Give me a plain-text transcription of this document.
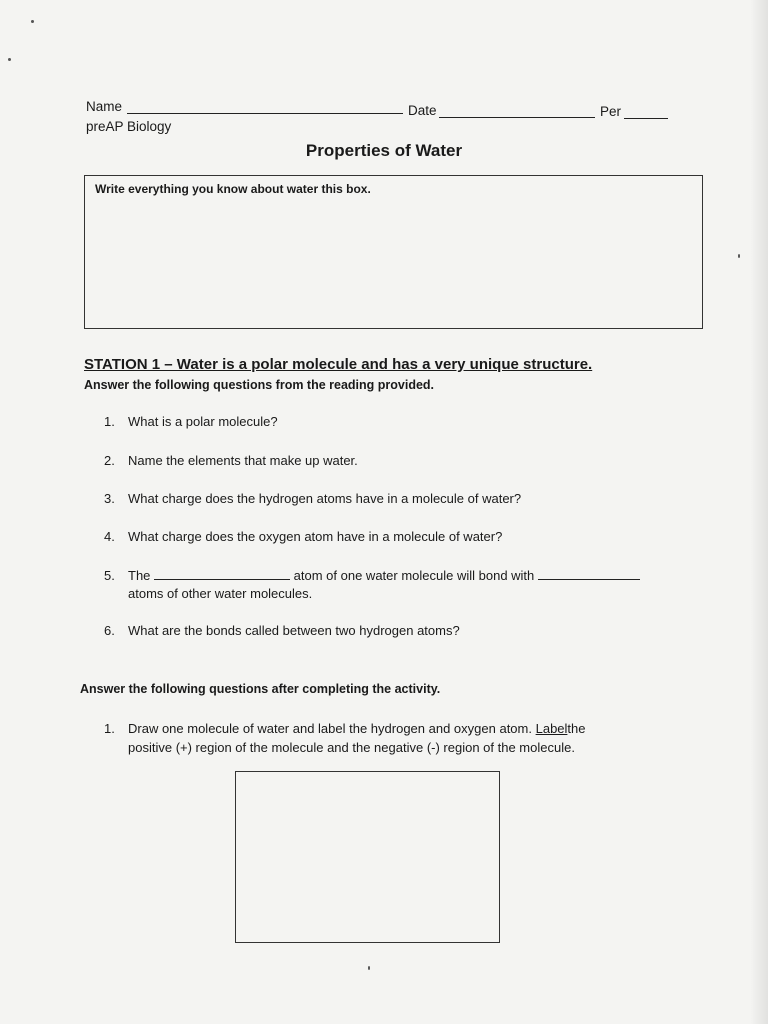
Name	Date	Per
preAP Biology
Properties of Water
Write everything you know about water this box.
STATION 1 – Water is a polar molecule and has a very unique structure.
Answer the following questions from the reading provided.
1. What is a polar molecule?
2. Name the elements that make up water.
3. What charge does the hydrogen atoms have in a molecule of water?
4. What charge does the oxygen atom have in a molecule of water?
5. The	atom of one water molecule will bond with
atoms of other water molecules.
6. What are the bonds called between two hydrogen atoms?
Answer the following questions after completing the activity.
1. Draw one molecule of water and label the hydrogen and oxygen atom. Labelthe
positive (+) region of the molecule and the negative (-) region of the molecule.
